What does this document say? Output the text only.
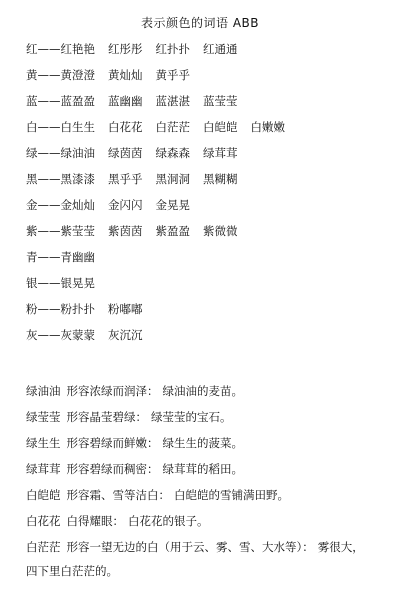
表示颜色的词语 ABB
红——红艳艳 红彤彤 红扑扑 红通通
黄——黄澄澄 黄灿灿 黄乎乎
蓝——蓝盈盈 蓝幽幽 蓝湛湛 蓝莹莹
白——白生生 白花花 白茫茫 白皑皑 白嫩嫩
绿——绿油油 绿茵茵 绿森森 绿茸茸
黑——黑漆漆 黑乎乎 黑洞洞 黑糊糊
金——金灿灿 金闪闪 金晃晃
紫——紫莹莹 紫茵茵 紫盈盈 紫微微
青——青幽幽
银——银晃晃
粉——粉扑扑 粉嘟嘟
灰——灰蒙蒙 灰沉沉
绿油油 形容浓绿而润泽： 绿油油的麦苗。
绿莹莹 形容晶莹碧绿： 绿莹莹的宝石。
绿生生 形容碧绿而鲜嫩： 绿生生的菠菜。
绿茸茸 形容碧绿而稠密： 绿茸茸的稻田。
白皑皑 形容霜、雪等洁白： 白皑皑的雪铺满田野。
白花花 白得耀眼： 白花花的银子。
白茫茫 形容一望无边的白（用于云、雾、雪、大水等）： 雾很大，
四下里白茫茫的。
